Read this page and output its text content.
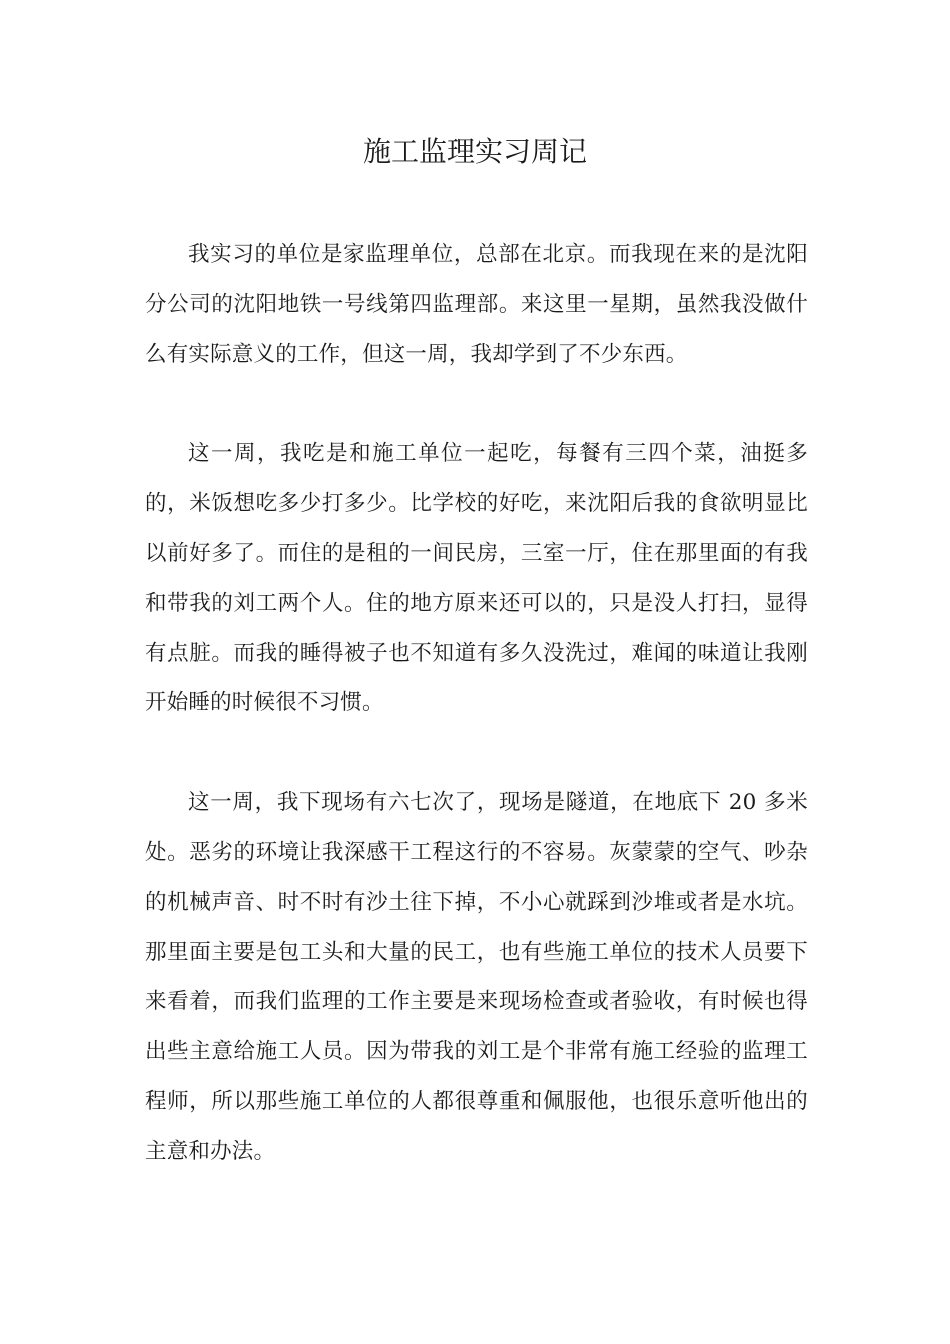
施工监理实习周记

我实习的单位是家监理单位，总部在北京。而我现在来的是沈阳分公司的沈阳地铁一号线第四监理部。来这里一星期，虽然我没做什么有实际意义的工作，但这一周，我却学到了不少东西。

这一周，我吃是和施工单位一起吃，每餐有三四个菜，油挺多的，米饭想吃多少打多少。比学校的好吃，来沈阳后我的食欲明显比以前好多了。而住的是租的一间民房，三室一厅，住在那里面的有我和带我的刘工两个人。住的地方原来还可以的，只是没人打扫，显得有点脏。而我的睡得被子也不知道有多久没洗过，难闻的味道让我刚开始睡的时候很不习惯。

这一周，我下现场有六七次了，现场是隧道，在地底下 20 多米处。恶劣的环境让我深感干工程这行的不容易。灰蒙蒙的空气、吵杂的机械声音、时不时有沙土往下掉，不小心就踩到沙堆或者是水坑。那里面主要是包工头和大量的民工，也有些施工单位的技术人员要下来看着，而我们监理的工作主要是来现场检查或者验收，有时候也得出些主意给施工人员。因为带我的刘工是个非常有施工经验的监理工程师，所以那些施工单位的人都很尊重和佩服他，也很乐意听他出的主意和办法。
